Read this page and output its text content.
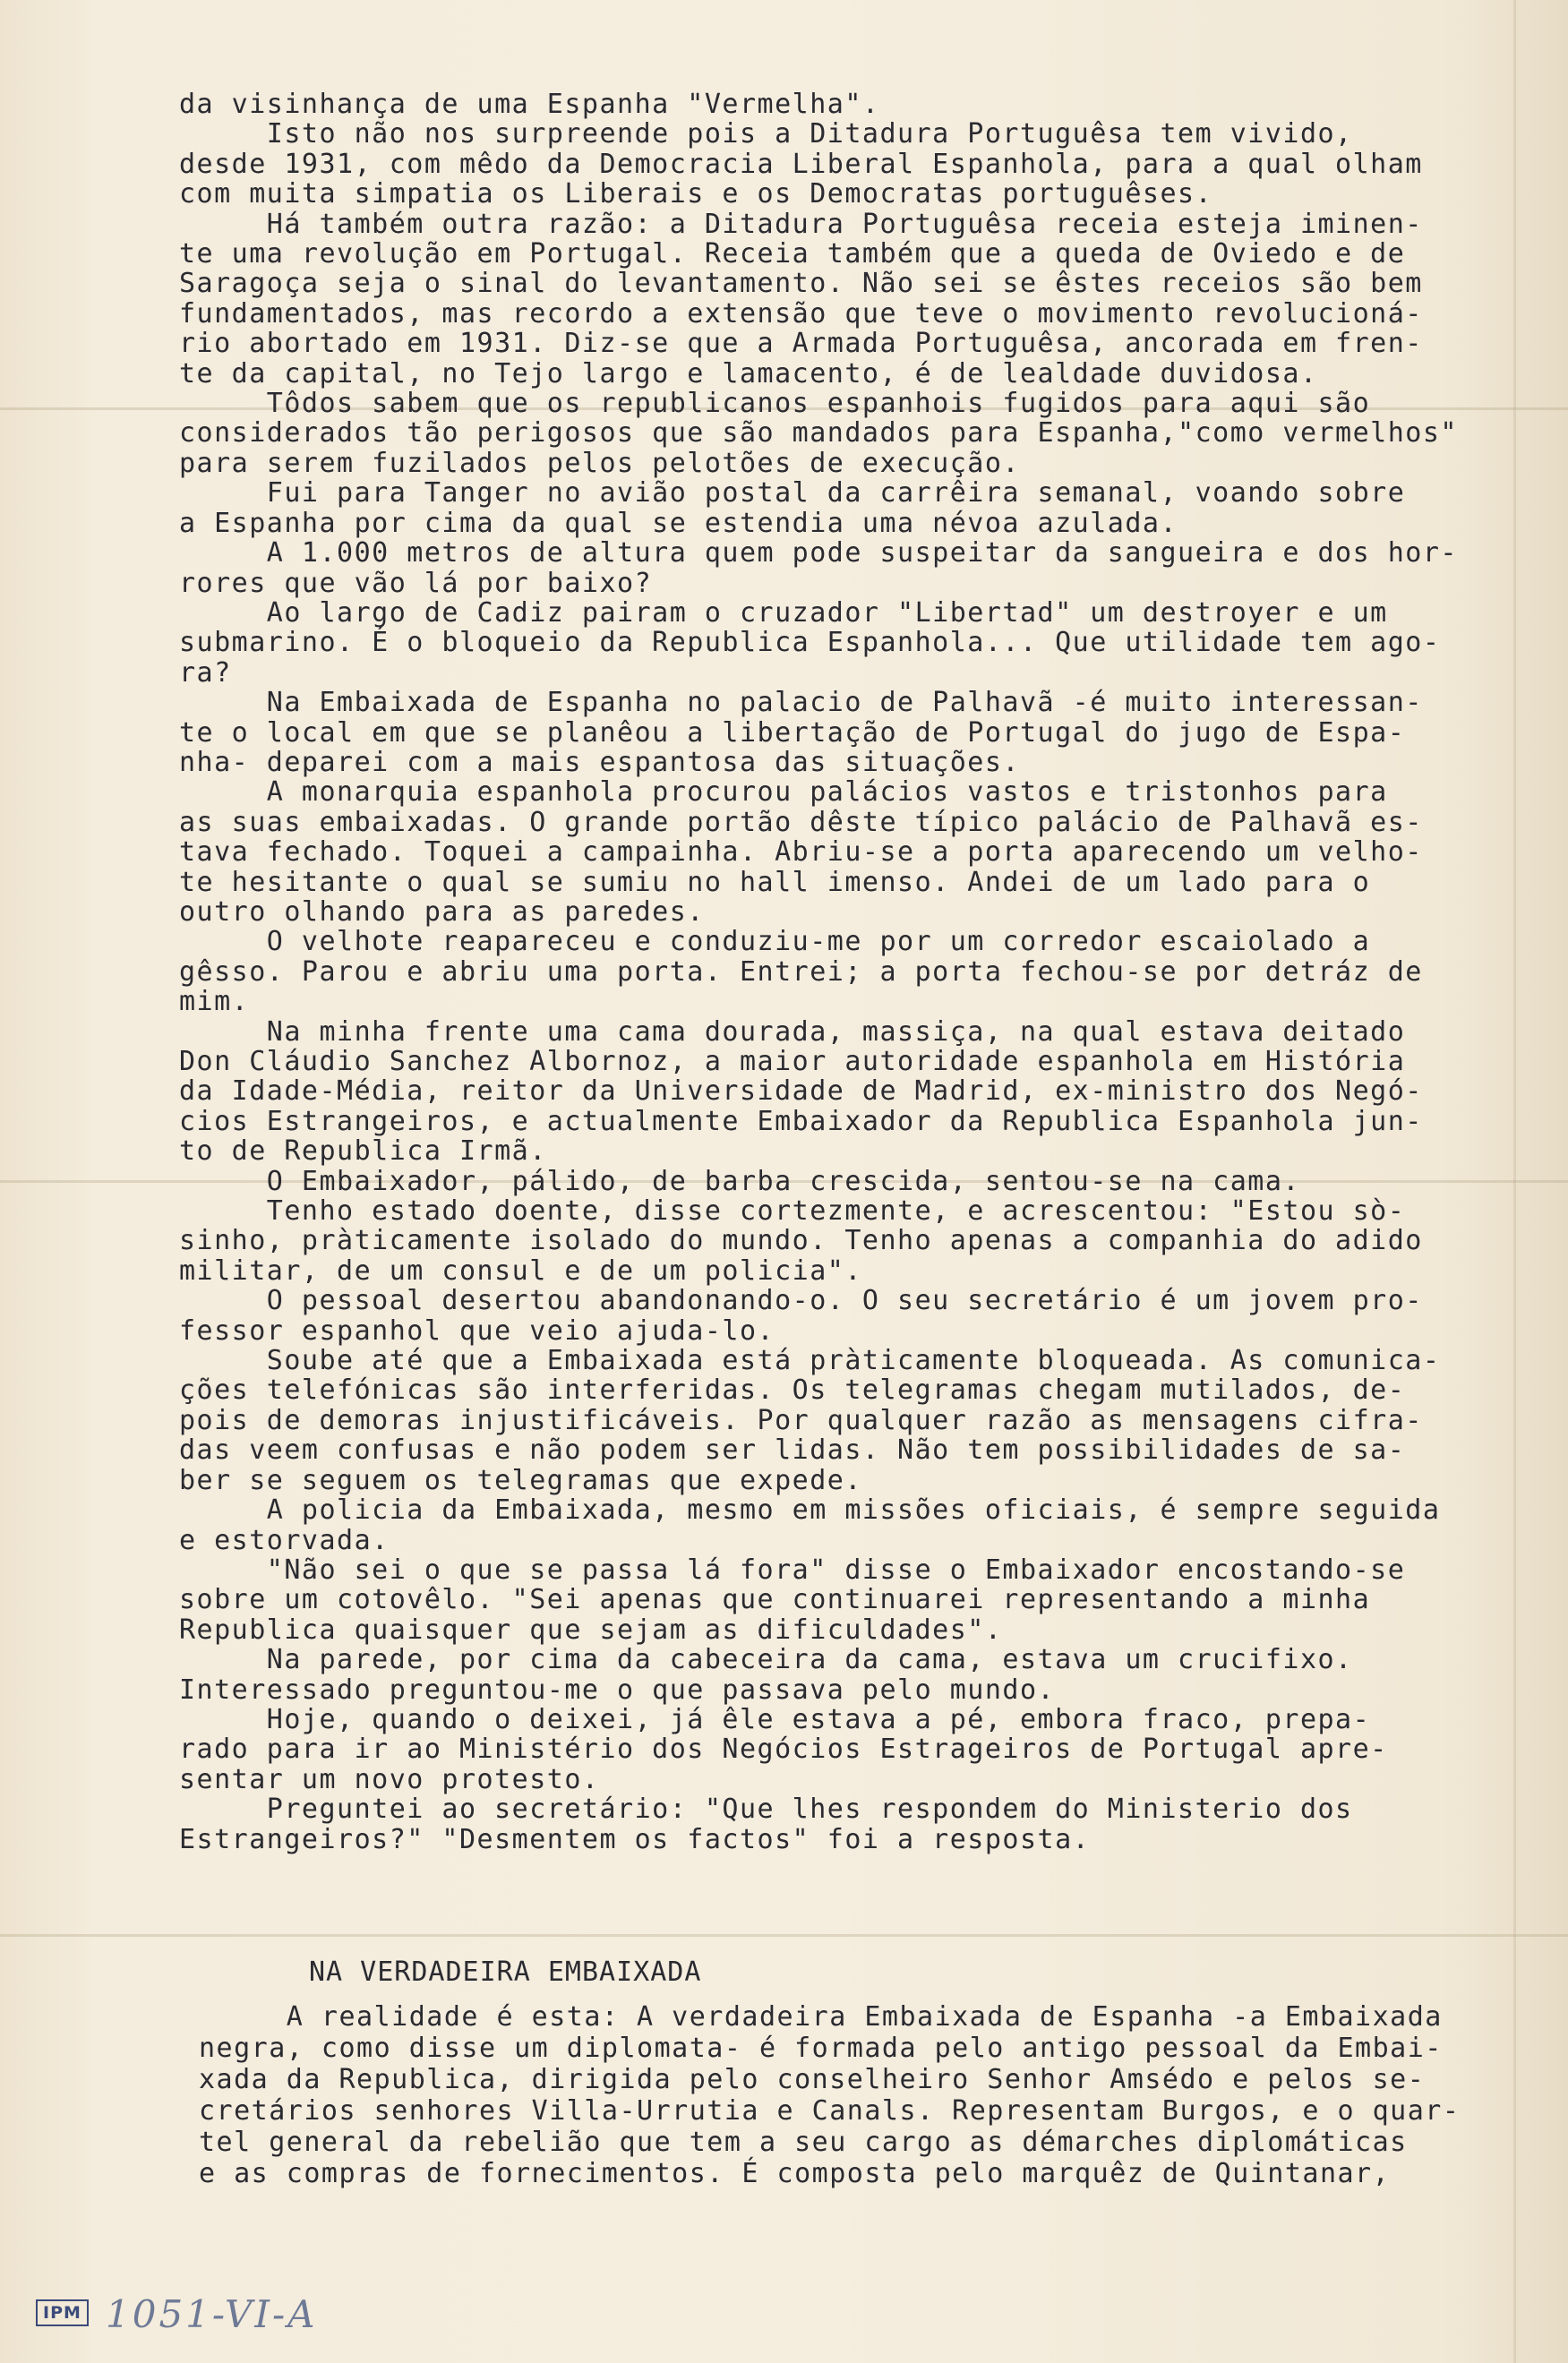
da visinhança de uma Espanha "Vermelha".

Isto não nos surpreende pois a Ditadura Portuguêsa tem vivido,

desde 1931, com mêdo da Democracia Liberal Espanhola, para a qual olham

com muita simpatia os Liberais e os Democratas portuguêses.

Há também outra razão: a Ditadura Portuguêsa receia esteja iminen-

te uma revolução em Portugal. Receia também que a queda de Oviedo e de

Saragoça seja o sinal do levantamento. Não sei se êstes receios são bem

fundamentados, mas recordo a extensão que teve o movimento revolucioná-

rio abortado em 1931. Diz-se que a Armada Portuguêsa, ancorada em fren-

te da capital, no Tejo largo e lamacento, é de lealdade duvidosa.

Tôdos sabem que os republicanos espanhois fugidos para aqui são

considerados tão perigosos que são mandados para Espanha,"como vermelhos"

para serem fuzilados pelos pelotões de execução.

Fui para Tanger no avião postal da carrêira semanal, voando sobre

a Espanha por cima da qual se estendia uma névoa azulada.

A 1.000 metros de altura quem pode suspeitar da sangueira e dos hor-

rores que vão lá por baixo?

Ao largo de Cadiz pairam o cruzador "Libertad" um destroyer e um

submarino. É o bloqueio da Republica Espanhola... Que utilidade tem ago-

ra?

Na Embaixada de Espanha no palacio de Palhavã -é muito interessan-

te o local em que se planêou a libertação de Portugal do jugo de Espa-

nha- deparei com a mais espantosa das situações.

A monarquia espanhola procurou palácios vastos e tristonhos para

as suas embaixadas. O grande portão dêste típico palácio de Palhavã es-

tava fechado. Toquei a campainha. Abriu-se a porta aparecendo um velho-

te hesitante o qual se sumiu no hall imenso. Andei de um lado para o

outro olhando para as paredes.

O velhote reapareceu e conduziu-me por um corredor escaiolado a

gêsso. Parou e abriu uma porta. Entrei; a porta fechou-se por detráz de

mim.

Na minha frente uma cama dourada, massiça, na qual estava deitado

Don Cláudio Sanchez Albornoz, a maior autoridade espanhola em História

da Idade-Média, reitor da Universidade de Madrid, ex-ministro dos Negó-

cios Estrangeiros, e actualmente Embaixador da Republica Espanhola jun-

to de Republica Irmã.

O Embaixador, pálido, de barba crescida, sentou-se na cama.

Tenho estado doente, disse cortezmente, e acrescentou: "Estou sò-

sinho, pràticamente isolado do mundo. Tenho apenas a companhia do adido

militar, de um consul e de um policia".

O pessoal desertou abandonando-o. O seu secretário é um jovem pro-

fessor espanhol que veio ajuda-lo.

Soube até que a Embaixada está pràticamente bloqueada. As comunica-

ções telefónicas são interferidas. Os telegramas chegam mutilados, de-

pois de demoras injustificáveis. Por qualquer razão as mensagens cifra-

das veem confusas e não podem ser lidas. Não tem possibilidades de sa-

ber se seguem os telegramas que expede.

A policia da Embaixada, mesmo em missões oficiais, é sempre seguida

e estorvada.

"Não sei o que se passa lá fora" disse o Embaixador encostando-se

sobre um cotovêlo. "Sei apenas que continuarei representando a minha

Republica quaisquer que sejam as dificuldades".

Na parede, por cima da cabeceira da cama, estava um crucifixo.

Interessado preguntou-me o que passava pelo mundo.

Hoje, quando o deixei, já êle estava a pé, embora fraco, prepa-

rado para ir ao Ministério dos Negócios Estrageiros de Portugal apre-

sentar um novo protesto.

Preguntei ao secretário: "Que lhes respondem do Ministerio dos

Estrangeiros?" "Desmentem os factos" foi a resposta.

NA VERDADEIRA EMBAIXADA

A realidade é esta: A verdadeira Embaixada de Espanha -a Embaixada

negra, como disse um diplomata- é formada pelo antigo pessoal da Embai-

xada da Republica, dirigida pelo conselheiro Senhor Amsédo e pelos se-

cretários senhores Villa-Urrutia e Canals. Representam Burgos, e o quar-

tel general da rebelião que tem a seu cargo as démarches diplomáticas

e as compras de fornecimentos. É composta pelo marquêz de Quintanar,

IPM 1051-VI-A
